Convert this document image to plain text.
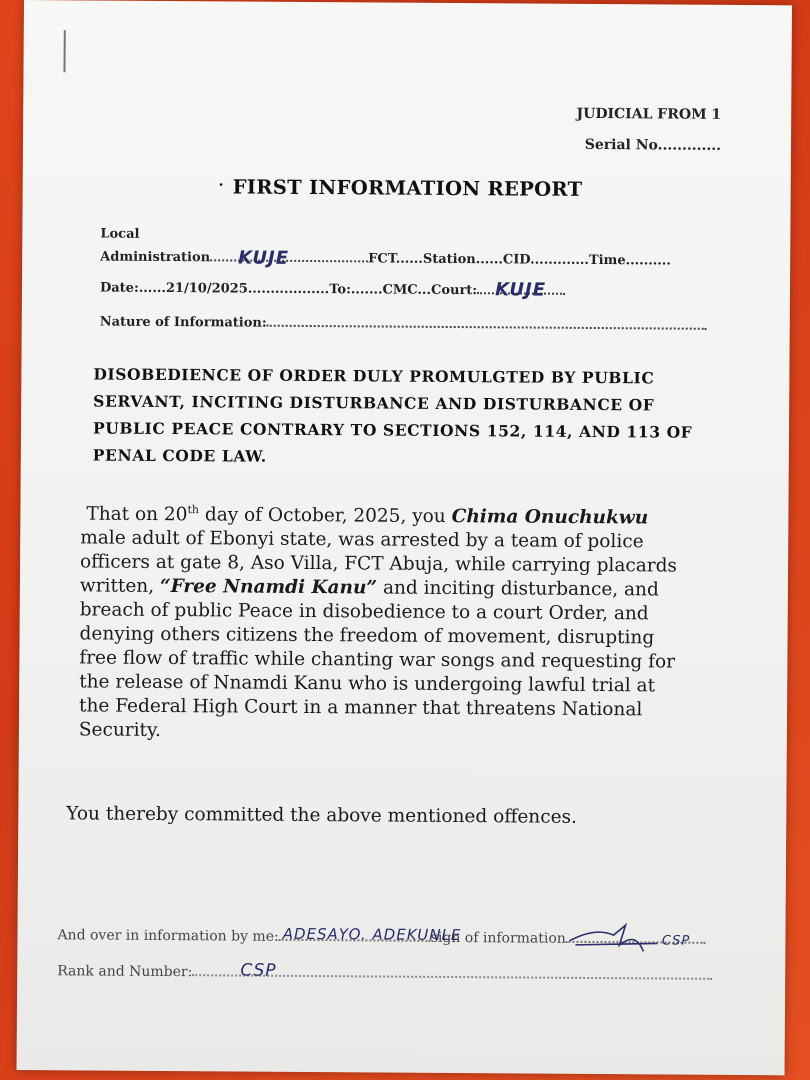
JUDICIAL FROM 1
Serial No.............
· FIRST INFORMATION REPORT
Local
Administration KUJE	FCT......Station......CID.............Time..........
Date:......21/10/2025..................To:.......CMC...Court: KUJE
Nature of Information:
DISOBEDIENCE OF ORDER DULY PROMULGTED BY PUBLIC
SERVANT, INCITING DISTURBANCE AND DISTURBANCE OF
PUBLIC PEACE CONTRARY TO SECTIONS 152, 114, AND 113 OF
PENAL CODE LAW.
That on 20th day of October, 2025, you Chima Onuchukwu
male adult of Ebonyi state, was arrested by a team of police
officers at gate 8, Aso Villa, FCT Abuja, while carrying placards
written, “Free Nnamdi Kanu” and inciting disturbance, and
breach of public Peace in disobedience to a court Order, and
denying others citizens the freedom of movement, disrupting
free flow of traffic while chanting war songs and requesting for
the release of Nnamdi Kanu who is undergoing lawful trial at
the Federal High Court in a manner that threatens National
Security.
You thereby committed the above mentioned offences.
And over in information by me: ADESAYO. ADEKUNLE
sign of information	CSP
Rank and Number:	CSP
